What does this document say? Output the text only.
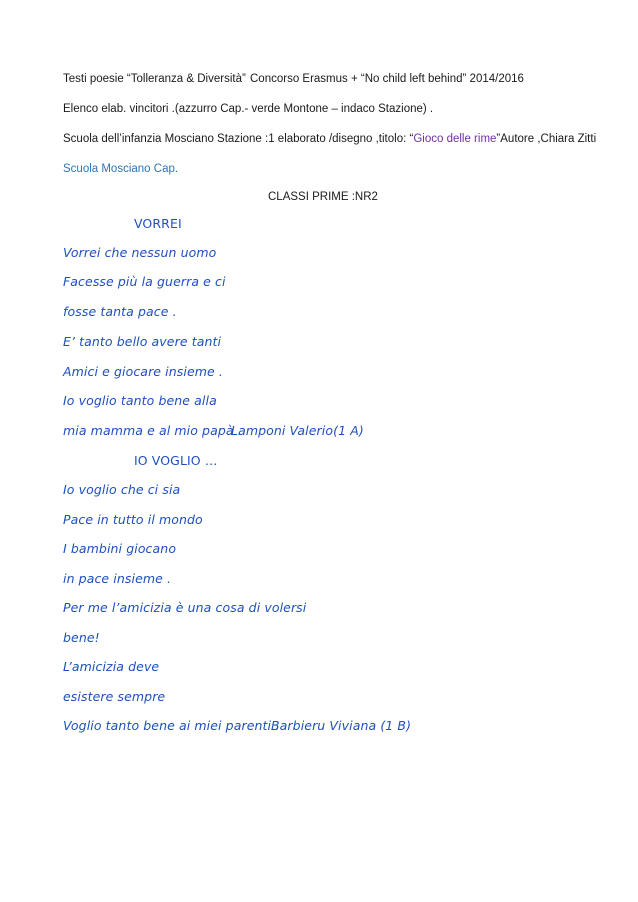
Testi poesie “Tolleranza & Diversità” Concorso Erasmus + “No child left behind” 2014/2016

Elenco elab. vincitori .(azzurro Cap.- verde Montone – indaco Stazione) .

Scuola dell’infanzia Mosciano Stazione :1 elaborato /disegno ,titolo: “Gioco delle rime”Autore ,Chiara Zitti

Scuola Mosciano Cap.

CLASSI PRIME :NR2

VORREI

Vorrei che nessun uomo

Facesse più la guerra e ci

fosse tanta pace .

E’ tanto bello avere tanti

Amici e giocare insieme .

Io voglio tanto bene alla

mia mamma e al mio papà .

Lamponi Valerio(1 A)

IO VOGLIO …

Io voglio che ci sia

Pace in tutto il mondo

I bambini giocano

in pace insieme .

Per me l’amicizia è una cosa di volersi

bene!

L’amicizia deve

esistere sempre

Voglio tanto bene ai miei parenti .

Barbieru Viviana (1 B)
